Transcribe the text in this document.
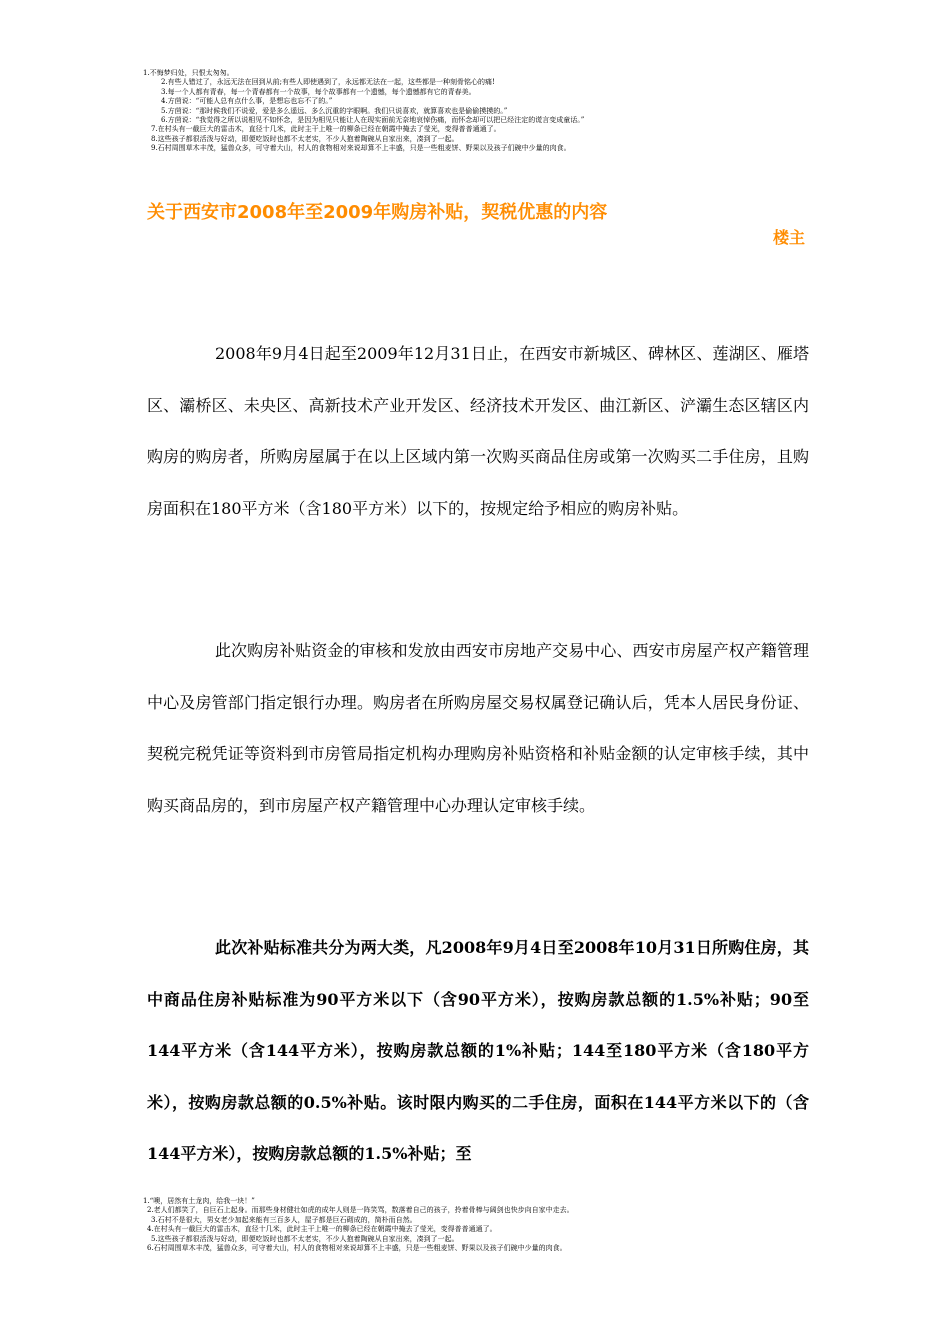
1.不悔梦归处，只恨太匆匆。
2.有些人错过了，永远无法在回到从前;有些人即使遇到了，永远都无法在一起，这些都是一种刻骨铭心的痛!
3.每一个人都有青春，每一个青春都有一个故事，每个故事都有一个遗憾，每个遗憾都有它的青春美。
4.方茴说：“可能人总有点什么事，是想忘也忘不了的。”
5.方茴说：“那时候我们不说爱，爱是多么遥远、多么沉重的字眼啊。我们只说喜欢，就算喜欢也是偷偷摸摸的。”
6.方茴说：“我觉得之所以说相见不如怀念，是因为相见只能让人在现实面前无奈地哀悼伤痛，而怀念却可以把已经注定的谎言变成童话。”
7.在村头有一截巨大的雷击木，直径十几米，此时主干上唯一的柳条已经在朝霞中掩去了莹光，变得普普通通了。
8.这些孩子都很活泼与好动，即便吃饭时也都不太老实，不少人抱着陶碗从自家出来，凑到了一起。
9.石村周围草木丰茂，猛兽众多，可守着大山，村人的食物相对来说却算不上丰盛，只是一些粗麦饼、野果以及孩子们碗中少量的肉食。
关于西安市2008年至2009年购房补贴，契税优惠的内容
楼主

2008年9月4日起至2009年12月31日止，在西安市新城区、碑林区、莲湖区、雁塔区、灞桥区、未央区、高新技术产业开发区、经济技术开发区、曲江新区、浐灞生态区辖区内购房的购房者，所购房屋属于在以上区域内第一次购买商品住房或第一次购买二手住房，且购房面积在180平方米（含180平方米）以下的，按规定给予相应的购房补贴。

此次购房补贴资金的审核和发放由西安市房地产交易中心、西安市房屋产权产籍管理中心及房管部门指定银行办理。购房者在所购房屋交易权属登记确认后，凭本人居民身份证、契税完税凭证等资料到市房管局指定机构办理购房补贴资格和补贴金额的认定审核手续，其中购买商品房的，到市房屋产权产籍管理中心办理认定审核手续。

此次补贴标准共分为两大类，凡2008年9月4日至2008年10月31日所购住房，其中商品住房补贴标准为90平方米以下（含90平方米），按购房款总额的1.5%补贴；90至144平方米（含144平方米），按购房款总额的1%补贴；144至180平方米（含180平方米），按购房款总额的0.5%补贴。该时限内购买的二手住房，面积在144平方米以下的（含144平方米），按购房款总额的1.5%补贴；至

1.“噢，居然有土龙肉，给我一块！”
2.老人们都笑了，自巨石上起身。而那些身材健壮如虎的成年人则是一阵笑骂，数落着自己的孩子，拎着骨棒与阔剑也快步向自家中走去。
3.石村不是很大，男女老少加起来能有三百多人，屋子都是巨石砌成的，简朴而自然。
4.在村头有一截巨大的雷击木，直径十几米，此时主干上唯一的柳条已经在朝霞中掩去了莹光，变得普普通通了。
5.这些孩子都很活泼与好动，即便吃饭时也都不太老实，不少人抱着陶碗从自家出来，凑到了一起。
6.石村周围草木丰茂，猛兽众多，可守着大山，村人的食物相对来说却算不上丰盛，只是一些粗麦饼、野果以及孩子们碗中少量的肉食。
